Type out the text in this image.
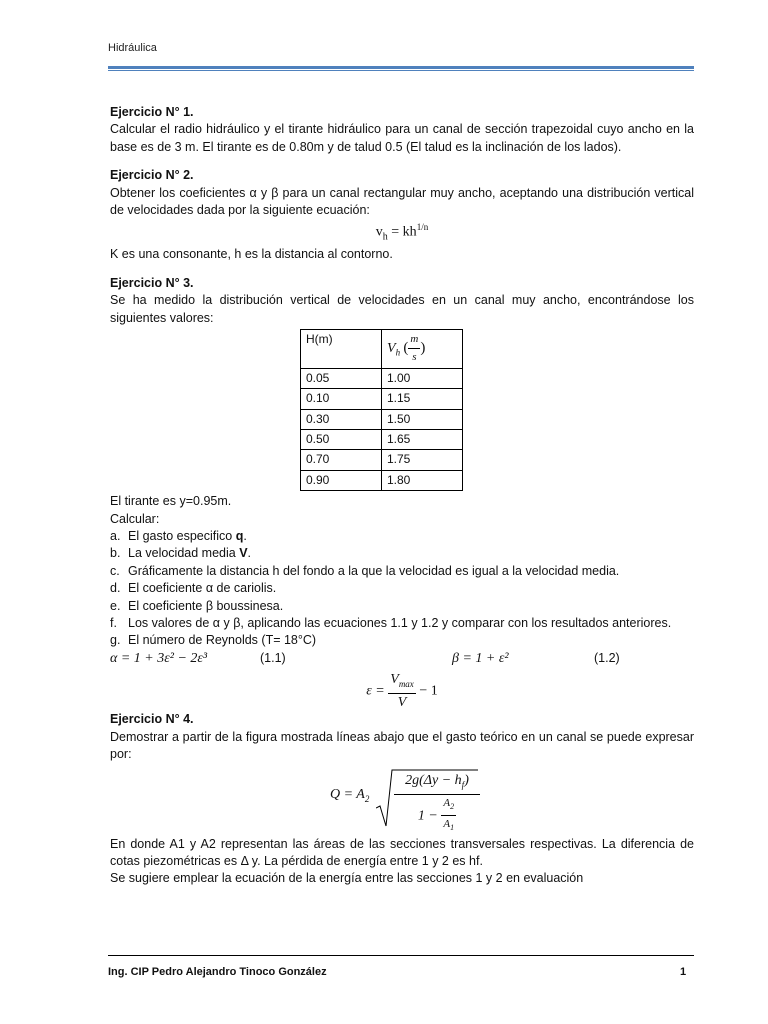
Hidráulica

Ejercicio N° 1.

Calcular el radio hidráulico y el tirante hidráulico para un canal de sección trapezoidal cuyo ancho en la base es de 3 m. El tirante es de 0.80m y de talud 0.5 (El talud es la inclinación de los lados).

Ejercicio N° 2.

Obtener los coeficientes α y β para un canal rectangular muy ancho, aceptando una distribución vertical de velocidades dada por la siguiente ecuación:

$v_h = kh^{1/n}$

K es una consonante, h es la distancia al contorno.

Ejercicio N° 3.

Se ha medido la distribución vertical de velocidades en un canal muy ancho, encontrándose los siguientes valores:

H(m)	$V_h$ ( $\frac{m}{s}$ )
0.05	1.00
0.10	1.15
0.30	1.50
0.50	1.65
0.70	1.75
0.90	1.80

El tirante es y=0.95m.

Calcular:

a. El gasto especifico q.
b. La velocidad media V.
c. Gráficamente la distancia h del fondo a la que la velocidad es igual a la velocidad media.
d. El coeficiente α de cariolis.
e. El coeficiente β boussinesa.
f. Los valores de α y β, aplicando las ecuaciones 1.1 y 1.2 y comparar con los resultados anteriores.
g. El número de Reynolds (T= 18°C)
α = 1 + 3ε² − 2ε³	(1.1)	β = 1 + ε²	(1.2)

$\varepsilon = \frac{V_{max}}{V} - 1$

Ejercicio N° 4.

Demostrar a partir de la figura mostrada líneas abajo que el gasto teórico en un canal se puede expresar por:

$Q = A_2 \frac{2g(\Delta y - h_f)}{1 - \frac{A_2}{A_1}}$

En donde A1 y A2 representan las áreas de las secciones transversales respectivas. La diferencia de cotas piezométricas es Δ y. La pérdida de energía entre 1 y 2 es hf.

Se sugiere emplear la ecuación de la energía entre las secciones 1 y 2 en evaluación

Ing. CIP Pedro Alejandro Tinoco González	1
